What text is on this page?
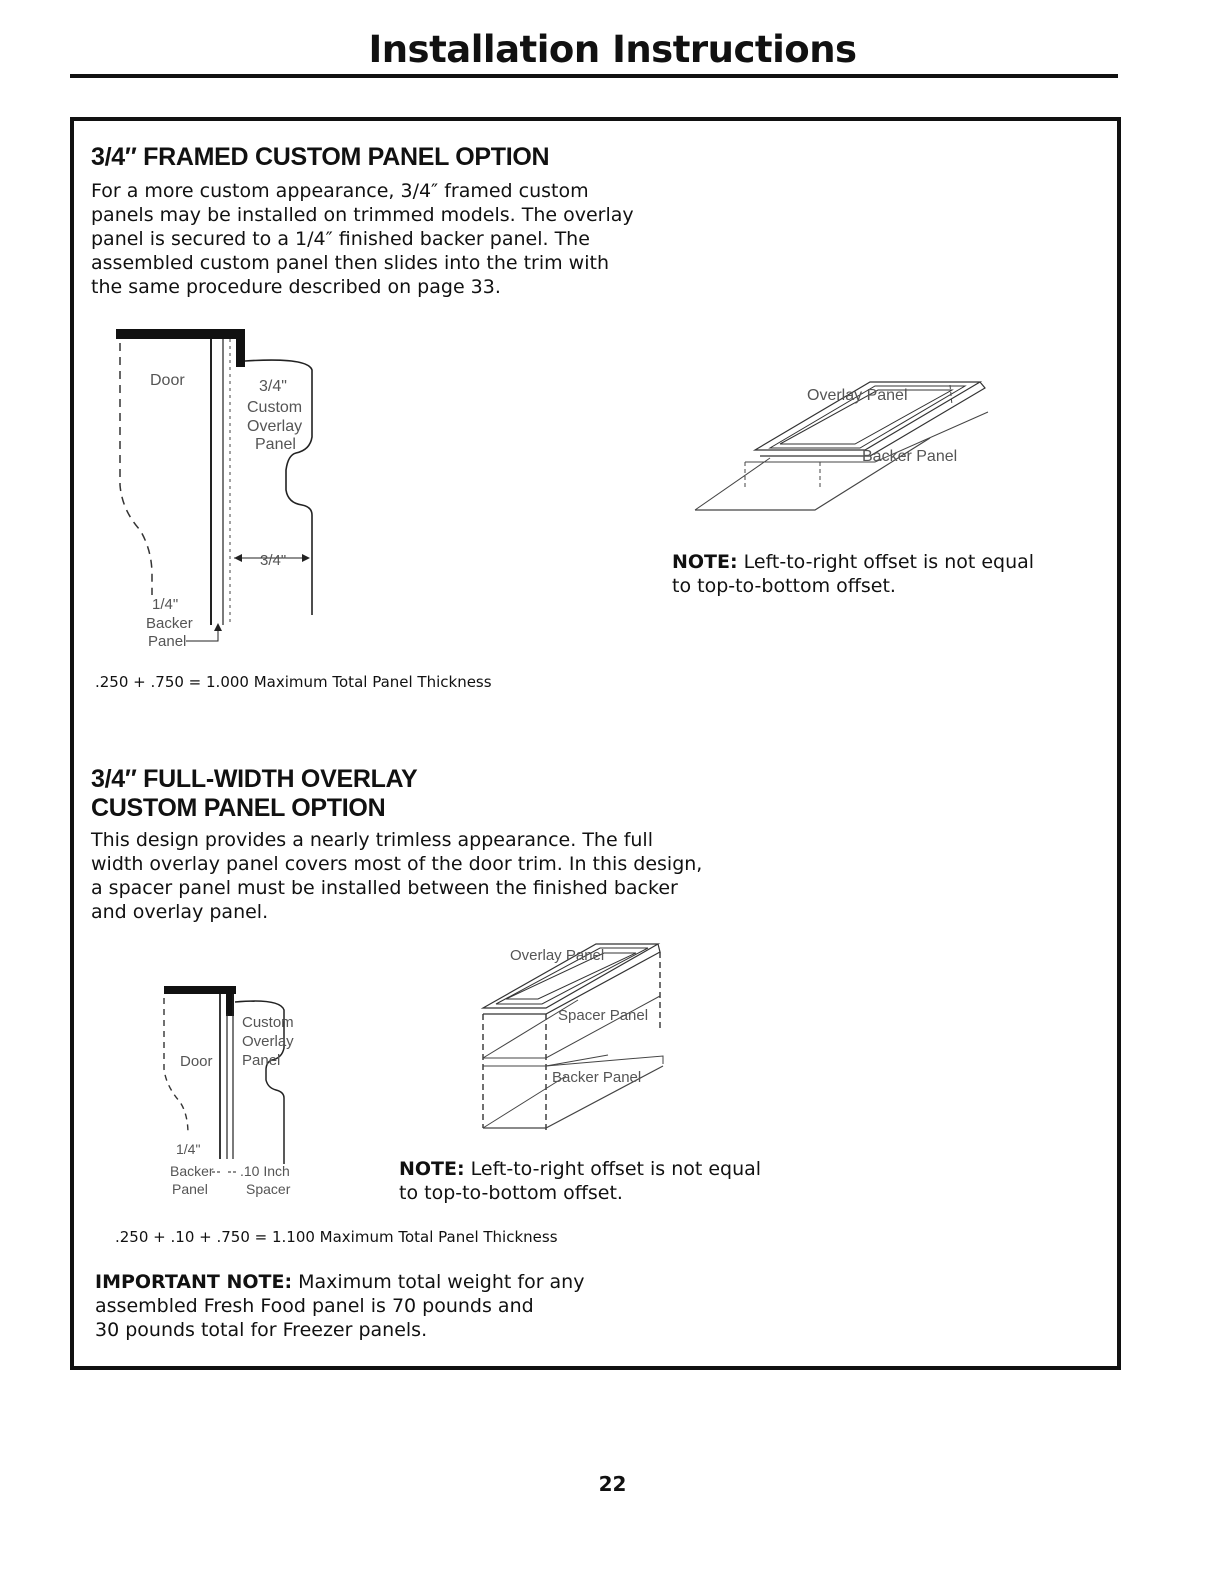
Installation Instructions
3/4″ FRAMED CUSTOM PANEL OPTION

For a more custom appearance, 3/4″ framed custom

panels may be installed on trimmed models. The overlay

panel is secured to a 1/4″ finished backer panel. The

assembled custom panel then slides into the trim with

the same procedure described on page 33.

Door	3/4"
Custom
Overlay
Panel
3/4"
1/4"
Backer
Panel
Overlay Panel
Backer Panel
NOTE: Left-to-right offset is not equal
to top-to-bottom offset.
.250 + .750 = 1.000 Maximum Total Panel Thickness
3/4″ FULL-WIDTH OVERLAY
CUSTOM PANEL OPTION

This design provides a nearly trimless appearance. The full

width overlay panel covers most of the door trim. In this design,

a spacer panel must be installed between the finished backer

and overlay panel.

Custom
Overlay
Panel
Door
1/4"
Backer
Panel
.10 Inch
Spacer
Overlay Panel
Spacer Panel
Backer Panel
NOTE: Left-to-right offset is not equal
to top-to-bottom offset.
.250 + .10 + .750 = 1.100 Maximum Total Panel Thickness

IMPORTANT NOTE: Maximum total weight for any

assembled Fresh Food panel is 70 pounds and

30 pounds total for Freezer panels.

22
